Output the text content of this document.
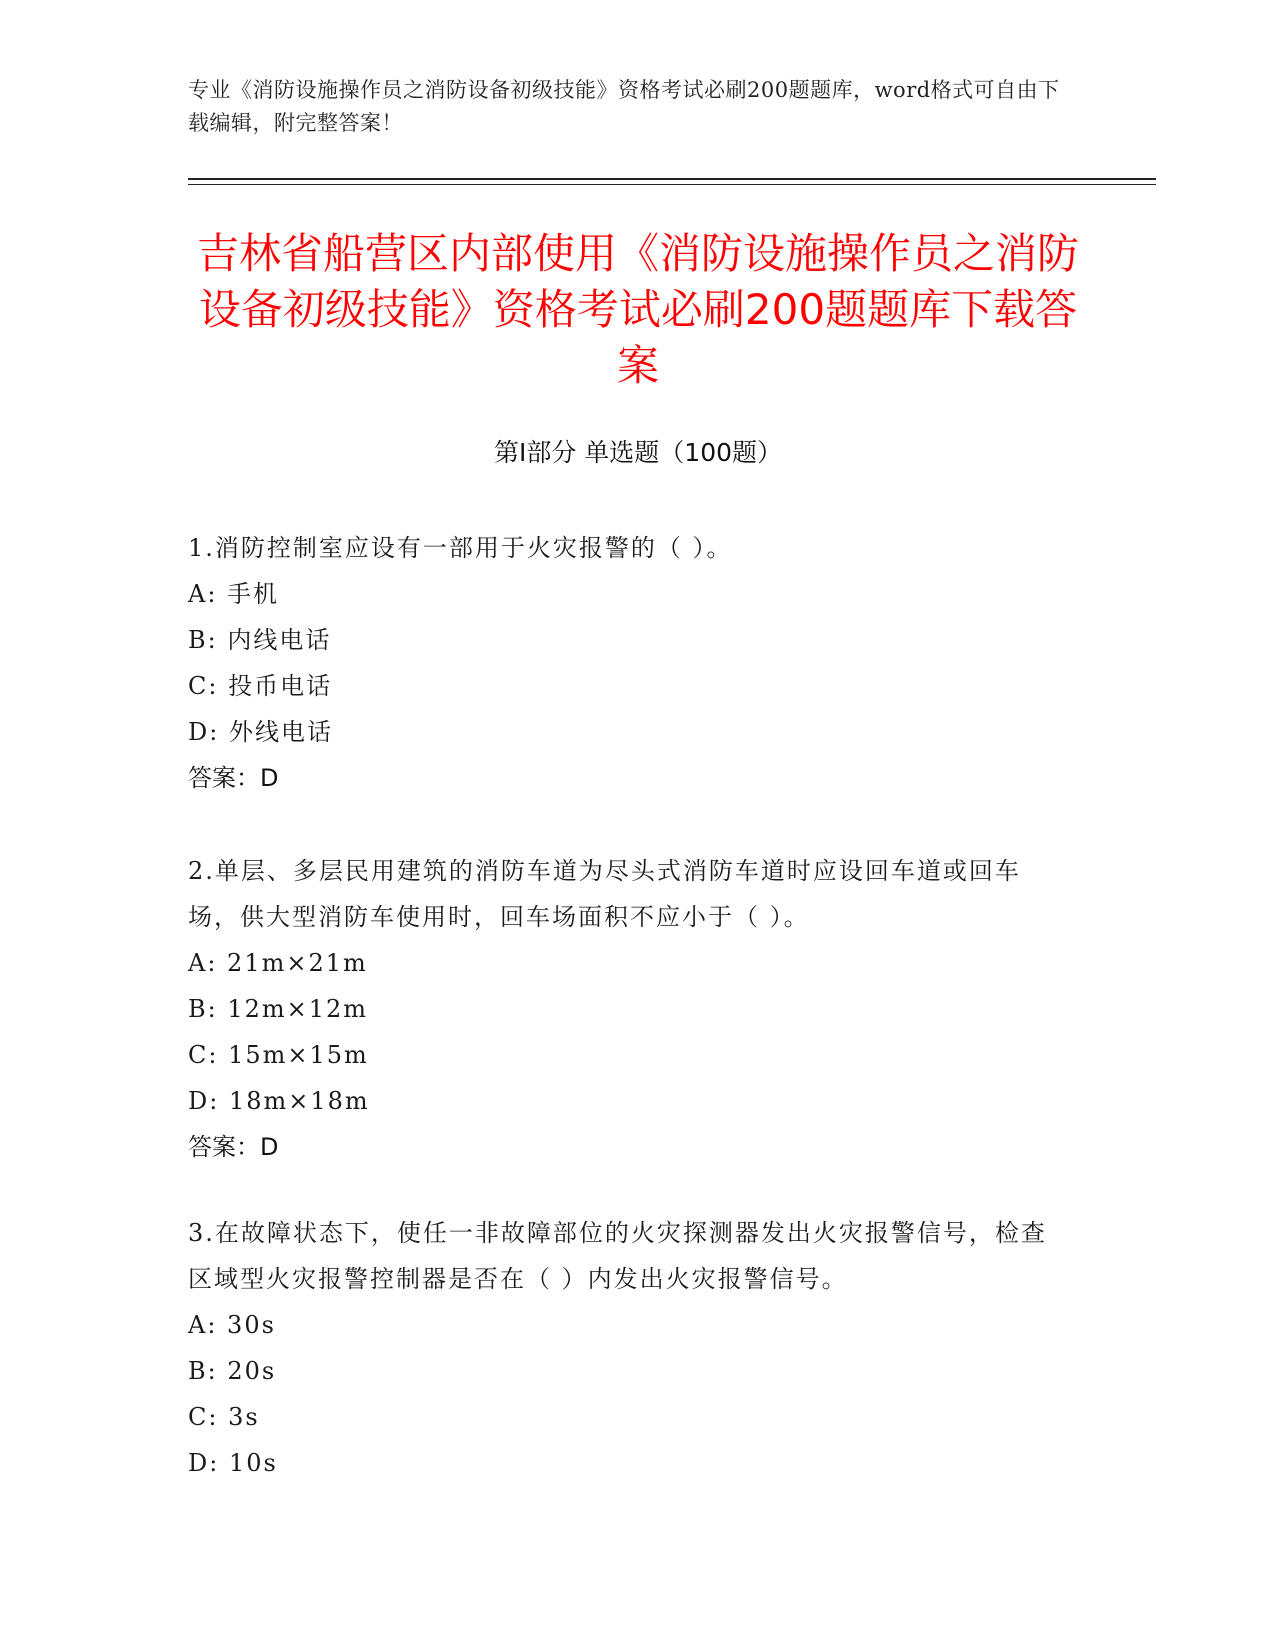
专业《消防设施操作员之消防设备初级技能》资格考试必刷200题题库，word格式可自由下载编辑，附完整答案！
吉林省船营区内部使用《消防设施操作员之消防设备初级技能》资格考试必刷200题题库下载答案
第Ⅰ部分 单选题（100题）

1.消防控制室应设有一部用于火灾报警的（ ）。

A: 手机

B: 内线电话

C: 投币电话

D: 外线电话

答案：D

2.单层、多层民用建筑的消防车道为尽头式消防车道时应设回车道或回车场，供大型消防车使用时，回车场面积不应小于（ ）。

A: 21m×21m

B: 12m×12m

C: 15m×15m

D: 18m×18m

答案：D

3.在故障状态下，使任一非故障部位的火灾探测器发出火灾报警信号，检查区域型火灾报警控制器是否在（ ）内发出火灾报警信号。

A: 30s

B: 20s

C: 3s

D: 10s
